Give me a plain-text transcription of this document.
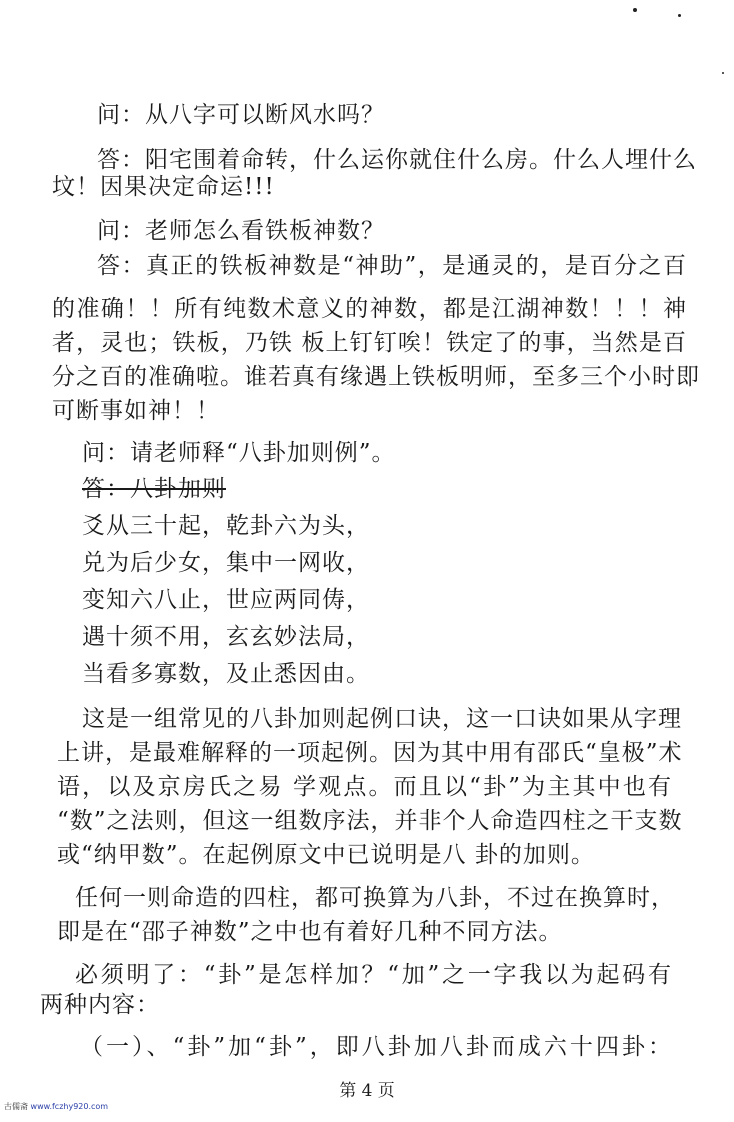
问：从八字可以断风水吗？
答：阳宅围着命转，什么运你就住什么房。什么人埋什么
坟！因果决定命运!!!
问：老师怎么看铁板神数？
答：真正的铁板神数是“神助”，是通灵的，是百分之百
的准确！！所有纯数术意义的神数，都是江湖神数！！！神
者，灵也；铁板，乃铁 板上钉钉唉！铁定了的事，当然是百
分之百的准确啦。谁若真有缘遇上铁板明师，至多三个小时即
可断事如神！！
问：请老师释“八卦加则例”。
答：八卦加则
爻从三十起，乾卦六为头，
兑为后少女，集中一网收，
变知六八止，世应两同俦，
遇十须不用，玄玄妙法局，
当看多寡数，及止悉因由。
这是一组常见的八卦加则起例口诀，这一口诀如果从字理
上讲，是最难解释的一项起例。因为其中用有邵氏“皇极”术
语，以及京房氏之易 学观点。而且以“卦”为主其中也有
“数”之法则，但这一组数序法，并非个人命造四柱之干支数
或“纳甲数”。在起例原文中已说明是八 卦的加则。
任何一则命造的四柱，都可换算为八卦，不过在换算时，
即是在“邵子神数”之中也有着好几种不同方法。
必须明了：“卦”是怎样加？“加”之一字我以为起码有
两种内容：
（一）、“卦”加“卦”，即八卦加八卦而成六十四卦：
第 4 页
古儒斋 www.fczhy920.com
